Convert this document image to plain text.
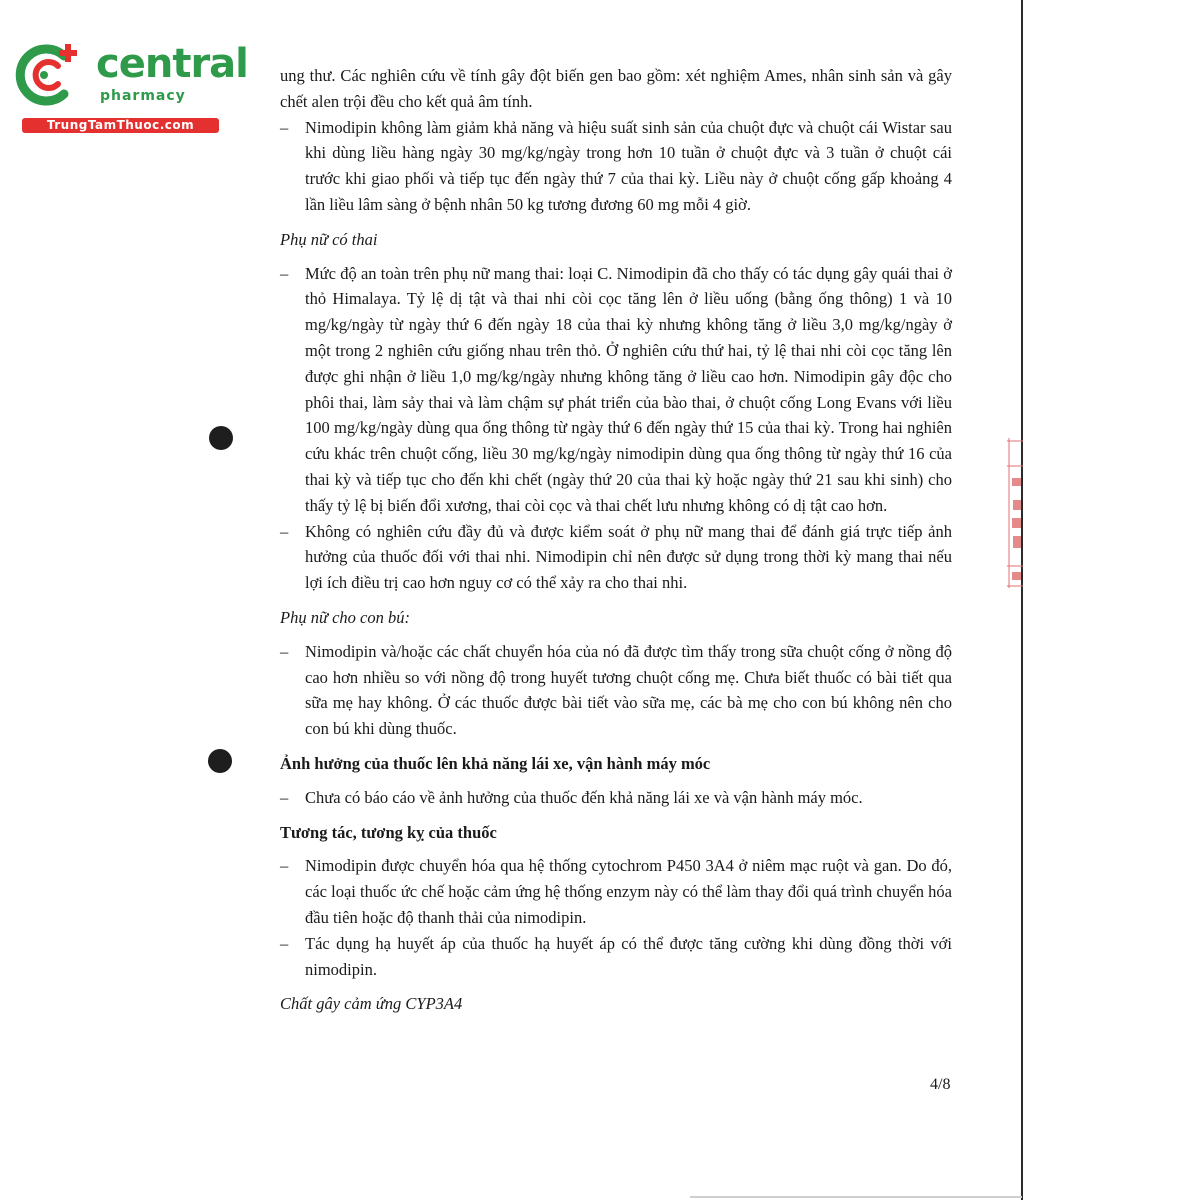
central
pharmacy
TrungTamThuoc.com
ung thư. Các nghiên cứu về tính gây đột biến gen bao gồm: xét nghiệm Ames, nhân sinh sản và gây chết alen trội đều cho kết quả âm tính.
– Nimodipin không làm giảm khả năng và hiệu suất sinh sản của chuột đực và chuột cái Wistar sau khi dùng liều hàng ngày 30 mg/kg/ngày trong hơn 10 tuần ở chuột đực và 3 tuần ở chuột cái trước khi giao phối và tiếp tục đến ngày thứ 7 của thai kỳ. Liều này ở chuột cống gấp khoảng 4 lần liều lâm sàng ở bệnh nhân 50 kg tương đương 60 mg mỗi 4 giờ.
Phụ nữ có thai
– Mức độ an toàn trên phụ nữ mang thai: loại C. Nimodipin đã cho thấy có tác dụng gây quái thai ở thỏ Himalaya. Tỷ lệ dị tật và thai nhi còi cọc tăng lên ở liều uống (bằng ống thông) 1 và 10 mg/kg/ngày từ ngày thứ 6 đến ngày 18 của thai kỳ nhưng không tăng ở liều 3,0 mg/kg/ngày ở một trong 2 nghiên cứu giống nhau trên thỏ. Ở nghiên cứu thứ hai, tỷ lệ thai nhi còi cọc tăng lên được ghi nhận ở liều 1,0 mg/kg/ngày nhưng không tăng ở liều cao hơn. Nimodipin gây độc cho phôi thai, làm sảy thai và làm chậm sự phát triển của bào thai, ở chuột cống Long Evans với liều 100 mg/kg/ngày dùng qua ống thông từ ngày thứ 6 đến ngày thứ 15 của thai kỳ. Trong hai nghiên cứu khác trên chuột cống, liều 30 mg/kg/ngày nimodipin dùng qua ống thông từ ngày thứ 16 của thai kỳ và tiếp tục cho đến khi chết (ngày thứ 20 của thai kỳ hoặc ngày thứ 21 sau khi sinh) cho thấy tỷ lệ bị biến đổi xương, thai còi cọc và thai chết lưu nhưng không có dị tật cao hơn.
– Không có nghiên cứu đầy đủ và được kiểm soát ở phụ nữ mang thai để đánh giá trực tiếp ảnh hưởng của thuốc đối với thai nhi. Nimodipin chỉ nên được sử dụng trong thời kỳ mang thai nếu lợi ích điều trị cao hơn nguy cơ có thể xảy ra cho thai nhi.
Phụ nữ cho con bú:
– Nimodipin và/hoặc các chất chuyển hóa của nó đã được tìm thấy trong sữa chuột cống ở nồng độ cao hơn nhiều so với nồng độ trong huyết tương chuột cống mẹ. Chưa biết thuốc có bài tiết qua sữa mẹ hay không. Ở các thuốc được bài tiết vào sữa mẹ, các bà mẹ cho con bú không nên cho con bú khi dùng thuốc.
Ảnh hưởng của thuốc lên khả năng lái xe, vận hành máy móc
– Chưa có báo cáo về ảnh hưởng của thuốc đến khả năng lái xe và vận hành máy móc.
Tương tác, tương kỵ của thuốc
– Nimodipin được chuyển hóa qua hệ thống cytochrom P450 3A4 ở niêm mạc ruột và gan. Do đó, các loại thuốc ức chế hoặc cảm ứng hệ thống enzym này có thể làm thay đổi quá trình chuyển hóa đầu tiên hoặc độ thanh thải của nimodipin.
– Tác dụng hạ huyết áp của thuốc hạ huyết áp có thể được tăng cường khi dùng đồng thời với nimodipin.
Chất gây cảm ứng CYP3A4
4/8
